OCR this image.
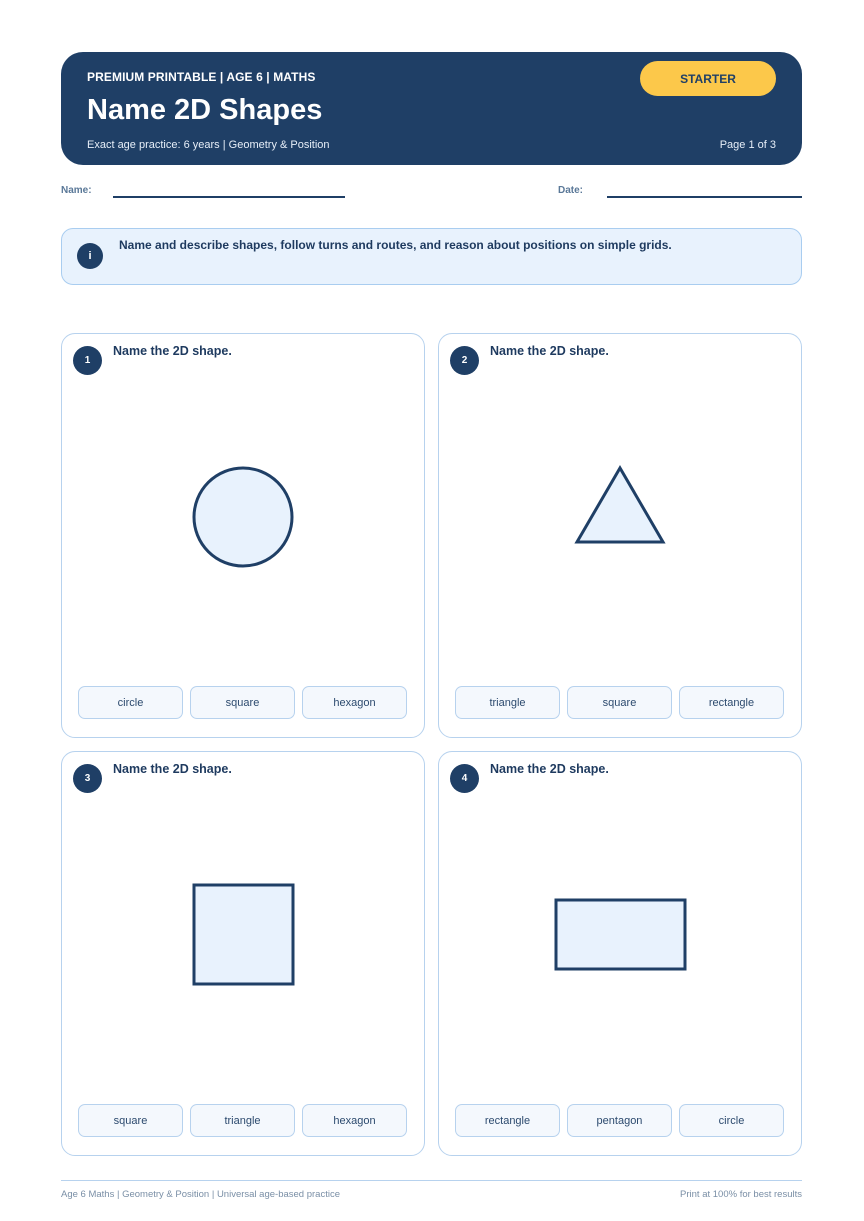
PREMIUM PRINTABLE | AGE 6 | MATHS
Name 2D Shapes
Exact age practice: 6 years | Geometry & Position	Page 1 of 3
STARTER
Name:	Date:
i
Name and describe shapes, follow turns and routes, and reason about positions on simple grids.
1
Name the 2D shape.
circle	square	hexagon
2
Name the 2D shape.
triangle	square	rectangle
3
Name the 2D shape.
square	triangle	hexagon
4
Name the 2D shape.
rectangle	pentagon	circle
Age 6 Maths | Geometry & Position | Universal age-based practice	Print at 100% for best results
